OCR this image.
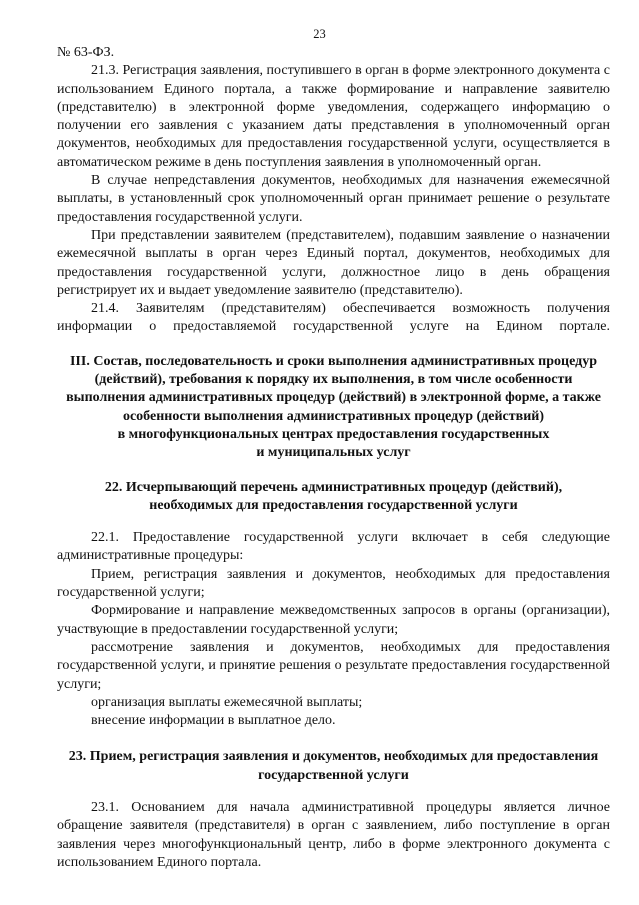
23

№ 63-ФЗ.

21.3. Регистрация заявления, поступившего в орган в форме электронного документа с использованием Единого портала, а также формирование и направление заявителю (представителю) в электронной форме уведомления, содержащего информацию о получении его заявления с указанием даты представления в уполномоченный орган документов, необходимых для предоставления государственной услуги, осуществляется в автоматическом режиме в день поступления заявления в уполномоченный орган.

В случае непредставления документов, необходимых для назначения ежемесячной выплаты, в установленный срок уполномоченный орган принимает решение о результате предоставления государственной услуги.

При представлении заявителем (представителем), подавшим заявление о назначении ежемесячной выплаты в орган через Единый портал, документов, необходимых для предоставления государственной услуги, должностное лицо в день обращения регистрирует их и выдает уведомление заявителю (представителю).

21.4. Заявителям (представителям) обеспечивается возможность получения информации о предоставляемой государственной услуге на Едином портале.

III. Состав, последовательность и сроки выполнения административных процедур
(действий), требования к порядку их выполнения, в том числе особенности
выполнения административных процедур (действий) в электронной форме, а также
особенности выполнения административных процедур (действий)
в многофункциональных центрах предоставления государственных
и муниципальных услуг
22. Исчерпывающий перечень административных процедур (действий),
необходимых для предоставления государственной услуги

22.1. Предоставление государственной услуги включает в себя следующие административные процедуры:

Прием, регистрация заявления и документов, необходимых для предоставления государственной услуги;

Формирование и направление межведомственных запросов в органы (организации), участвующие в предоставлении государственной услуги;

рассмотрение заявления и документов, необходимых для предоставления государственной услуги, и принятие решения о результате предоставления государственной услуги;

организация выплаты ежемесячной выплаты;

внесение информации в выплатное дело.

23. Прием, регистрация заявления и документов, необходимых для предоставления
государственной услуги

23.1. Основанием для начала административной процедуры является личное обращение заявителя (представителя) в орган с заявлением, либо поступление в орган заявления через многофункциональный центр, либо в форме электронного документа с использованием Единого портала.
